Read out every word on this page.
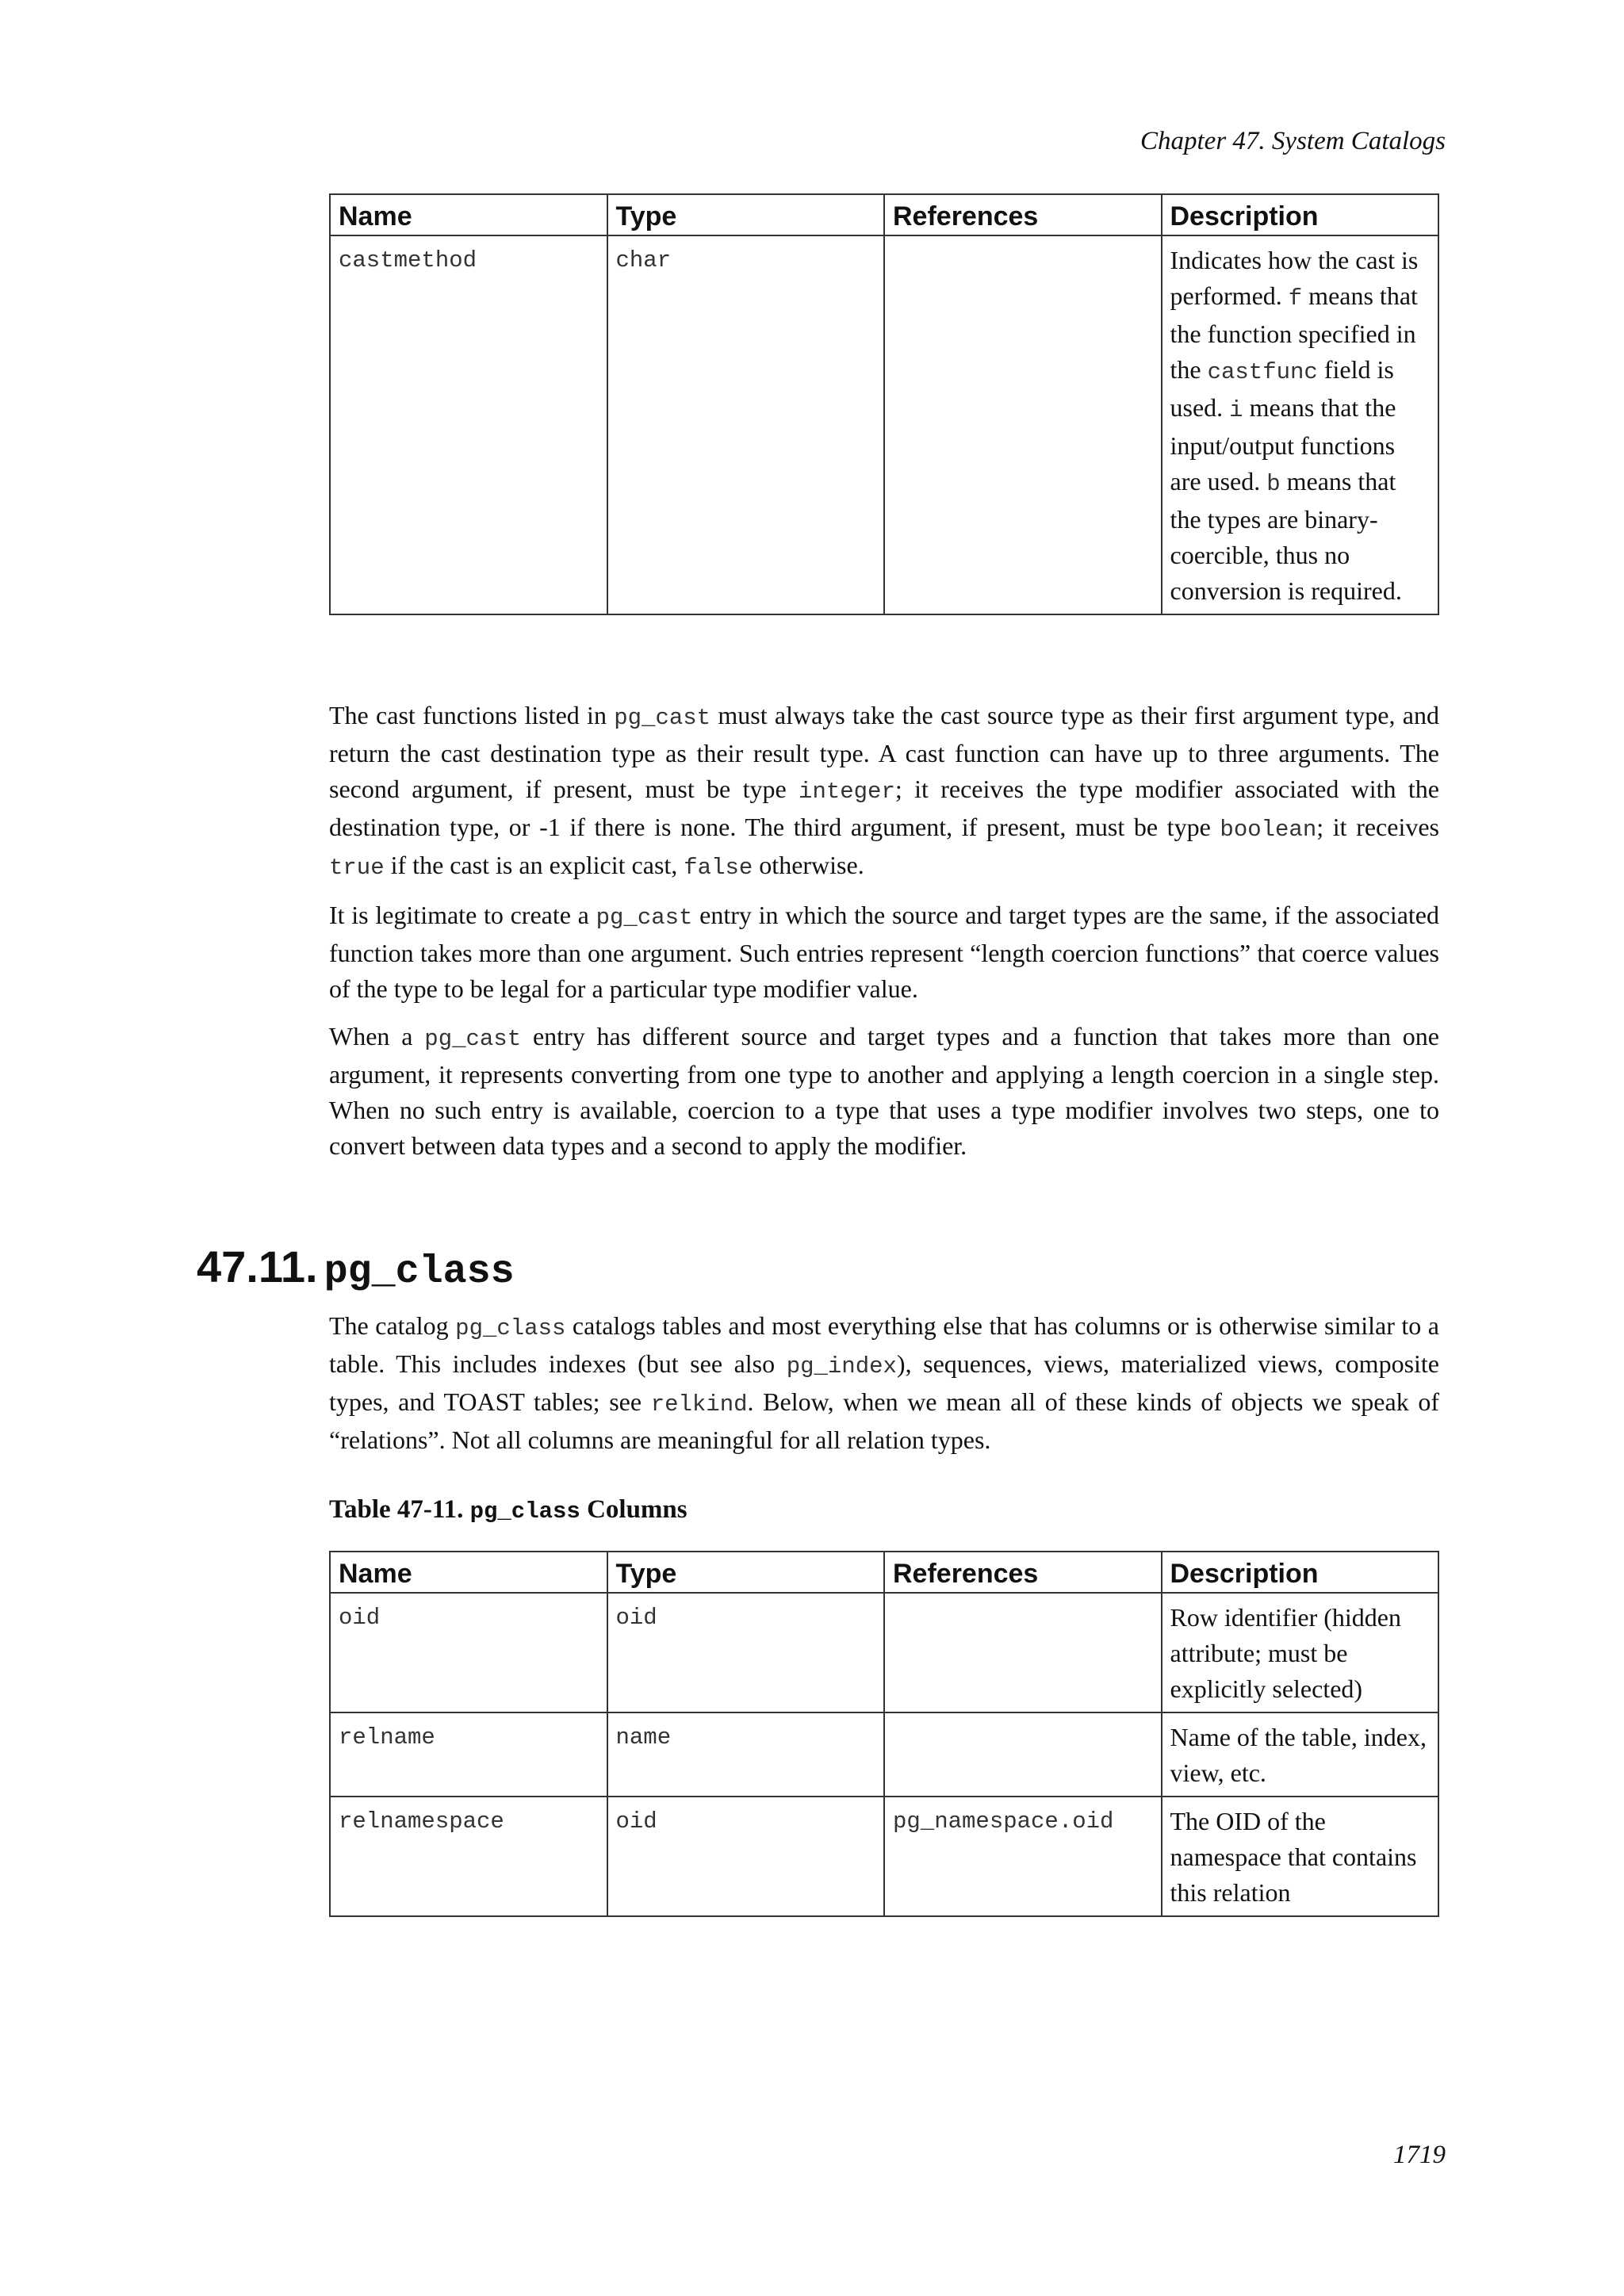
Chapter 47. System Catalogs

Name	Type	References	Description
castmethod	char		Indicates how the cast is performed. f means that the function specified in the castfunc field is used. i means that the input/output functions are used. b means that the types are binary-coercible, thus no conversion is required.

The cast functions listed in pg_cast must always take the cast source type as their first argument type, and return the cast destination type as their result type. A cast function can have up to three arguments. The second argument, if present, must be type integer; it receives the type modifier associated with the destination type, or -1 if there is none. The third argument, if present, must be type boolean; it receives true if the cast is an explicit cast, false otherwise.

It is legitimate to create a pg_cast entry in which the source and target types are the same, if the associated function takes more than one argument. Such entries represent “length coercion functions” that coerce values of the type to be legal for a particular type modifier value.

When a pg_cast entry has different source and target types and a function that takes more than one argument, it represents converting from one type to another and applying a length coercion in a single step. When no such entry is available, coercion to a type that uses a type modifier involves two steps, one to convert between data types and a second to apply the modifier.

47.11. pg_class

The catalog pg_class catalogs tables and most everything else that has columns or is otherwise similar to a table. This includes indexes (but see also pg_index), sequences, views, materialized views, composite types, and TOAST tables; see relkind. Below, when we mean all of these kinds of objects we speak of “relations”. Not all columns are meaningful for all relation types.

Table 47-11. pg_class Columns

Name	Type	References	Description
oid	oid		Row identifier (hidden attribute; must be explicitly selected)
relname	name		Name of the table, index, view, etc.
relnamespace	oid	pg_namespace.oid	The OID of the namespace that contains this relation

1719
